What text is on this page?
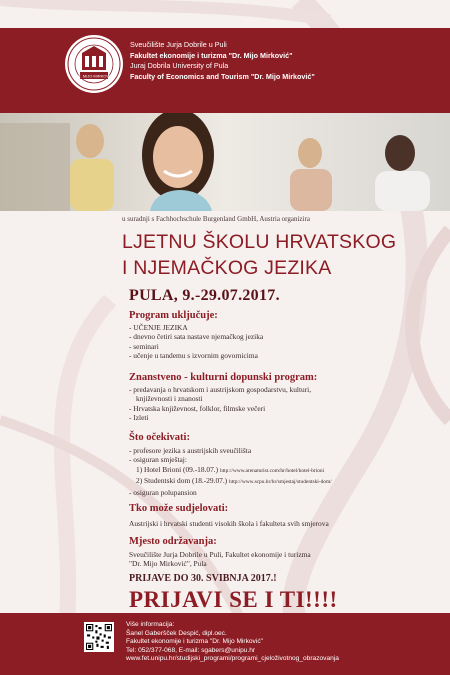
DR. MIJO MIRKOVIĆ
Sveučilište Jurja Dobrile u Puli
Fakultet ekonomije i turizma "Dr. Mijo Mirković"
Juraj Dobrila University of Pula
Faculty of Economics and Tourism "Dr. Mijo Mirković"
u suradnji s Fachhochschule Burgenland GmbH, Austria organizira
LJETNU ŠKOLU HRVATSKOG
I NJEMAČKOG JEZIKA
PULA, 9.-29.07.2017.
Program uključuje:
- UČENJE JEZIKA
- dnevno četiri sata nastave njemačkog jezika
- seminari
- učenje u tandemu s izvornim govornicima
Znanstveno - kulturni dopunski program:
- predavanja o hrvatskom i austrijskom gospodarstvu, kulturi,
književnosti i znanosti
- Hrvatska književnost, folklor, filmske večeri
- Izleti
Što očekivati:
- profesore jezika s austrijskih sveučilišta
- osiguran smještaj:
1) Hotel Brioni (09.-18.07.) http://www.arenaturist.com/hr/hotel/hotel-brioni
2) Studentski dom (18.-29.07.) http://www.scpu.hr/hr/smjestaj/studentski-dom/
- osiguran polupansion
Tko može sudjelovati:
Austrijski i hrvatski studenti visokih škola i fakulteta svih smjerova
Mjesto održavanja:
Sveučilište Jurja Dobrile u Puli, Fakultet ekonomije i turizma
"Dr. Mijo Mirković", Pula
PRIJAVE DO 30. SVIBNJA 2017.!
PRIJAVI SE I TI!!!!
Više informacija:
Šanel Gaberšček Despić, dipl.oec.
Fakultet ekonomije i turizma "Dr. Mijo Mirković"
Tel: 052/377-068, E-mail: sgabers@unipu.hr
www.fet.unipu.hr/studijski_programi/programi_cjeloživotnog_obrazovanja
